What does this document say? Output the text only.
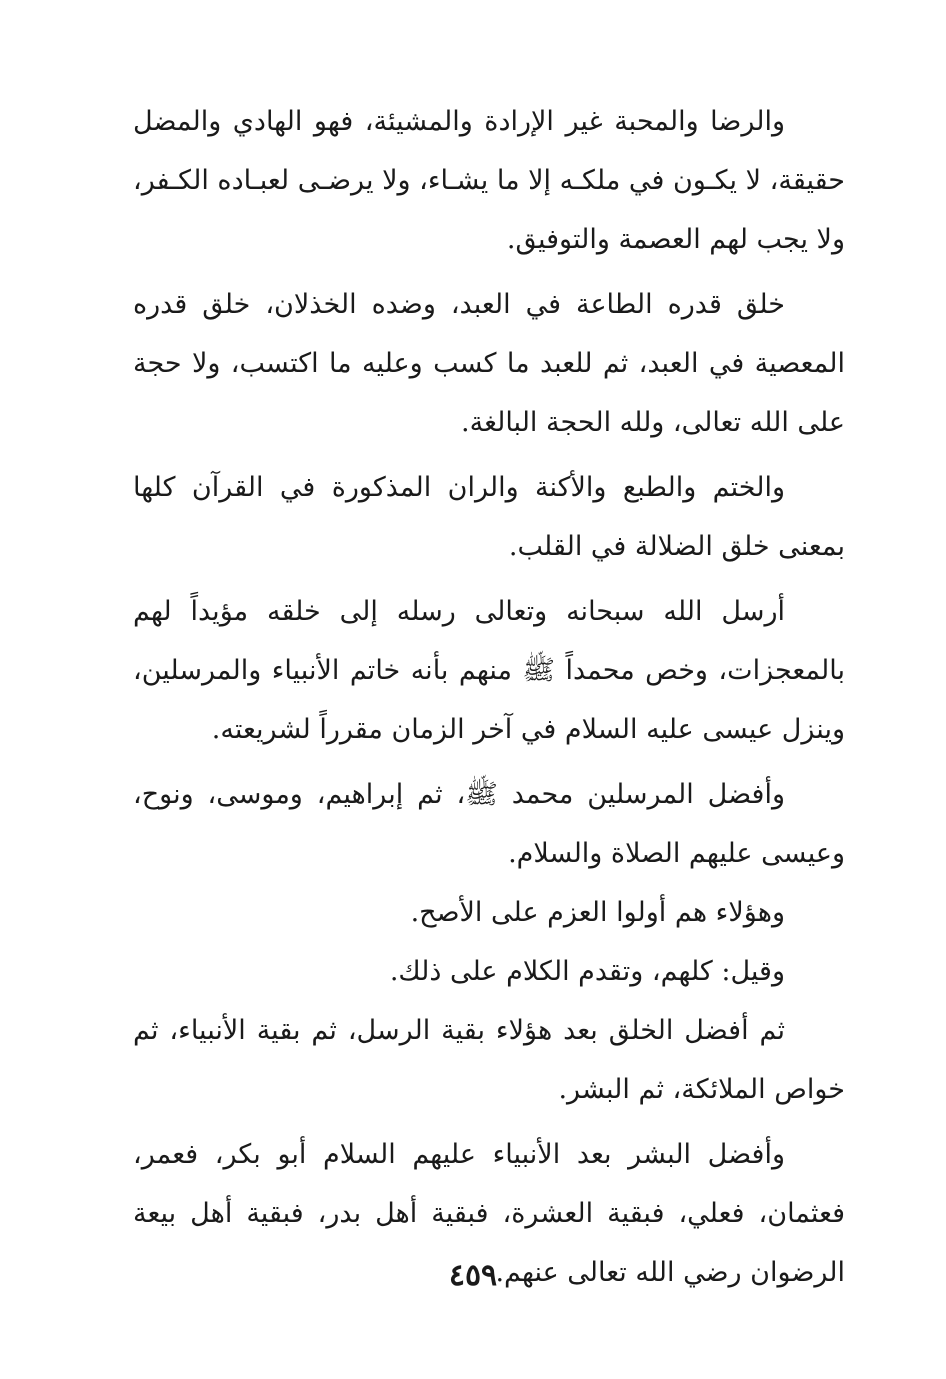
والرضا والمحبة غير الإرادة والمشيئة، فهو الهادي والمضل حقيقة، لا يكـون في ملكـه إلا ما يشـاء، ولا يرضـى لعبـاده الكـفر، ولا يجب لهم العصمة والتوفيق.

خلق قدره الطاعة في العبد، وضده الخذلان، خلق قدره المعصية في العبد، ثم للعبد ما كسب وعليه ما اكتسب، ولا حجة على الله تعالى، ولله الحجة البالغة.

والختم والطبع والأكنة والران المذكورة في القرآن كلها بمعنى خلق الضلالة في القلب.

أرسل الله سبحانه وتعالى رسله إلى خلقه مؤيداً لهم بالمعجزات، وخص محمداً ﷺ منهم بأنه خاتم الأنبياء والمرسلين، وينزل عيسى عليه السلام في آخر الزمان مقرراً لشريعته.

وأفضل المرسلين محمد ﷺ، ثم إبراهيم، وموسى، ونوح، وعيسى عليهم الصلاة والسلام.

وهؤلاء هم أولوا العزم على الأصح.

وقيل: كلهم، وتقدم الكلام على ذلك.

ثم أفضل الخلق بعد هؤلاء بقية الرسل، ثم بقية الأنبياء، ثم خواص الملائكة، ثم البشر.

وأفضل البشر بعد الأنبياء عليهم السلام أبو بكر، فعمر، فعثمان، فعلي، فبقية العشرة، فبقية أهل بدر، فبقية أهل بيعة الرضوان رضي الله تعالى عنهم.

٤٥٩
